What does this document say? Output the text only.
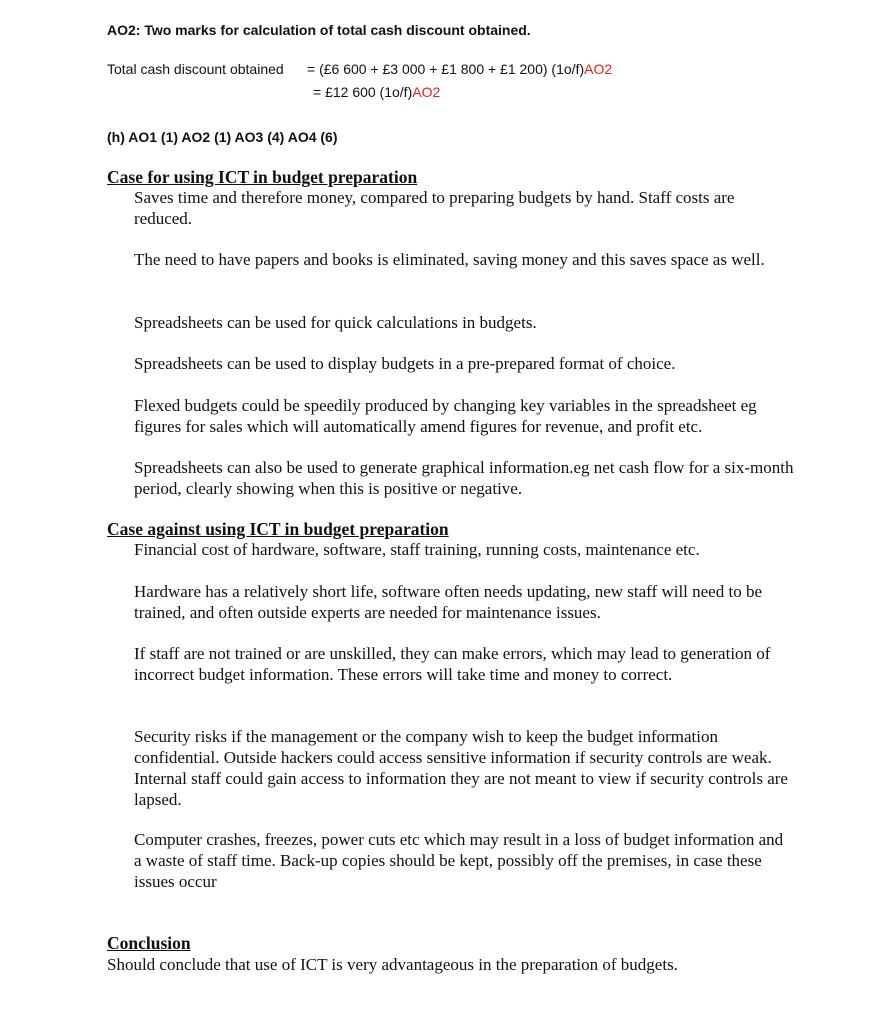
AO2: Two marks for calculation of total cash discount obtained.
Total cash discount obtained = (£6 600 + £3 000 + £1 800 + £1 200) (1o/f)AO2
= £12 600 (1o/f)AO2
(h) AO1 (1) AO2 (1) AO3 (4) AO4 (6)
Case for using ICT in budget preparation
Saves time and therefore money, compared to preparing budgets by hand. Staff costs are reduced.
The need to have papers and books is eliminated, saving money and this saves space as well.
Spreadsheets can be used for quick calculations in budgets.
Spreadsheets can be used to display budgets in a pre-prepared format of choice.
Flexed budgets could be speedily produced by changing key variables in the spreadsheet eg figures for sales which will automatically amend figures for revenue, and profit etc.
Spreadsheets can also be used to generate graphical information.eg net cash flow for a six-month period, clearly showing when this is positive or negative.
Case against using ICT in budget preparation
Financial cost of hardware, software, staff training, running costs, maintenance etc.
Hardware has a relatively short life, software often needs updating, new staff will need to be trained, and often outside experts are needed for maintenance issues.
If staff are not trained or are unskilled, they can make errors, which may lead to generation of incorrect budget information. These errors will take time and money to correct.
Security risks if the management or the company wish to keep the budget information confidential. Outside hackers could access sensitive information if security controls are weak. Internal staff could gain access to information they are not meant to view if security controls are lapsed.
Computer crashes, freezes, power cuts etc which may result in a loss of budget information and a waste of staff time. Back-up copies should be kept, possibly off the premises, in case these issues occur
Conclusion
Should conclude that use of ICT is very advantageous in the preparation of budgets.
